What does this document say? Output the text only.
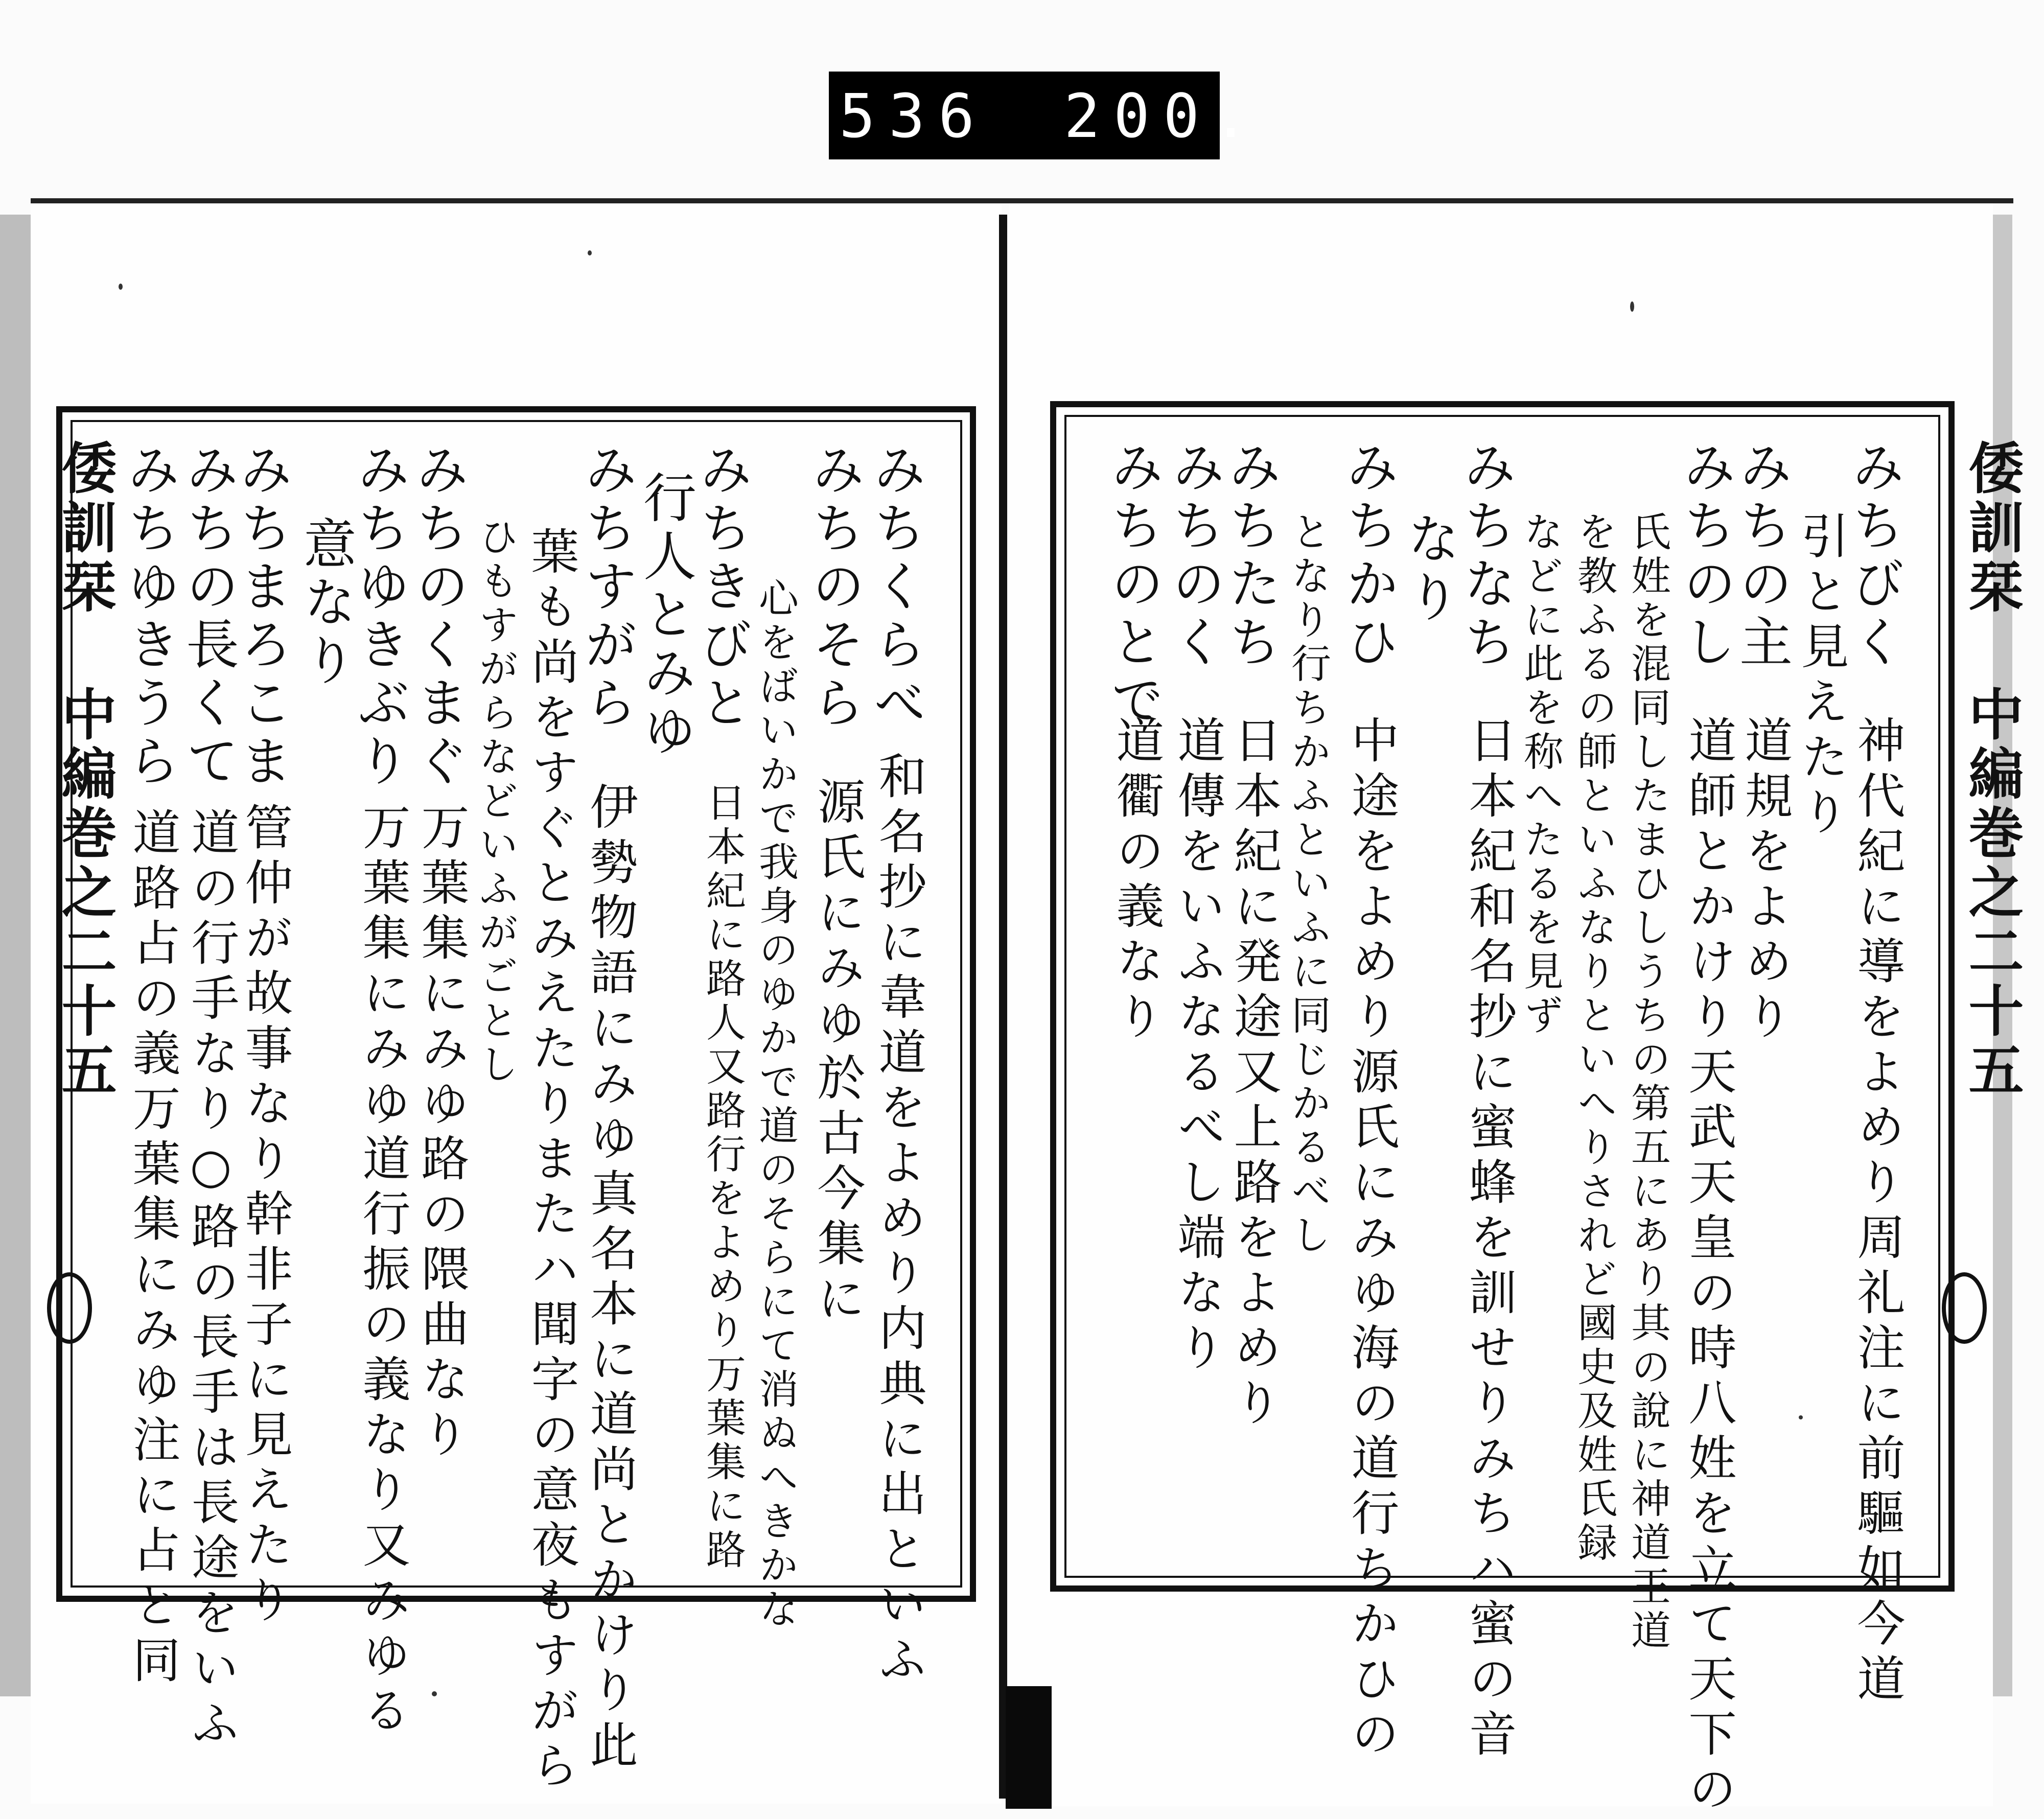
536 200.
倭訓栞 中編巻之二十五	みちくらべ
和名抄に韋道をよめり内典に出といふ
みちのそら
源氏にみゆ於古今集に
心をばいかで我身のゆかで道のそらにて消ぬへきかな
みちきびと
日本紀に路人又路行をよめり万葉集に路
行人とみゆ
みちすがら
伊勢物語にみゆ真名本に道尚とかけり此
葉も尚をすぐとみえたりまたハ聞字の意夜もすがら
ひもすがらなどいふがごとし
みちのくまぐ
万葉集にみゆ路の隈曲なり
みちゆきぶり
万葉集にみゆ道行振の義なり又みゆる
意なり
みちまろこま
管仲が故事なり幹非子に見えたり
みちの長くて
道の行手なり○路の長手は長途をいふ
みちゆきうら
道路占の義万葉集にみゆ注に占と同
倭訓栞 中編巻之二十五
みちびく
神代紀に導をよめり周礼注に前驅如今道
引と見えたり
みちの主
道規をよめり
みちのし
道師とかけり天武天皇の時八姓を立て天下の
氏姓を混同したまひしうちの第五にあり其の說に神道王道
を教ふるの師といふなりといへりされど國史及姓氏録
などに此を称へたるを見ず
みちなち
日本紀和名抄に蜜蜂を訓せりみちハ蜜の音
なり
みちかひ
中途をよめり源氏にみゆ海の道行ちかひの
となり行ちかふといふに同じかるべし
みちたち
日本紀に発途又上路をよめり
みちのく
道傳をいふなるべし端なり
みちのとで
道衢の義なり
